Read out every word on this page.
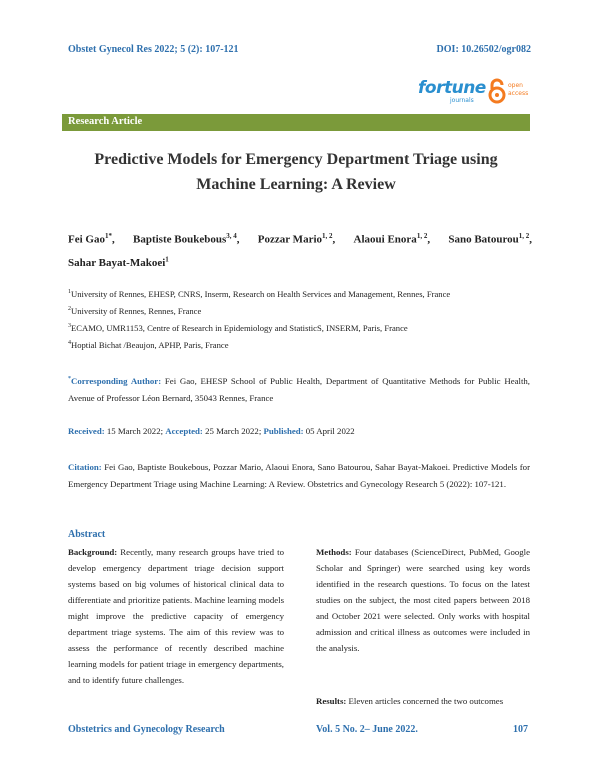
Obstet Gynecol Res 2022; 5 (2): 107-121	DOI: 10.26502/ogr082
fortune
journals
open access
Research Article
Predictive Models for Emergency Department Triage using
Machine Learning: A Review
Fei Gao$^{1*}$, Baptiste Boukebous$^{3, 4}$, Pozzar Mario$^{1, 2}$, Alaoui Enora$^{1, 2}$, Sano Batourou$^{1, 2}$,
Sahar Bayat-Makoei$^1$
$^1$University of Rennes, EHESP, CNRS, Inserm, Research on Health Services and Management, Rennes, France
$^2$University of Rennes, Rennes, France
$^3$ECAMO, UMR1153, Centre of Research in Epidemiology and StatisticS, INSERM, Paris, France
$^4$Hoptial Bichat /Beaujon, APHP, Paris, France
*Corresponding Author: Fei Gao, EHESP School of Public Health, Department of Quantitative Methods for Public Health, Avenue of Professor Léon Bernard, 35043 Rennes, France
Received: 15 March 2022; Accepted: 25 March 2022; Published: 05 April 2022
Citation: Fei Gao, Baptiste Boukebous, Pozzar Mario, Alaoui Enora, Sano Batourou, Sahar Bayat-Makoei. Predictive Models for Emergency Department Triage using Machine Learning: A Review. Obstetrics and Gynecology Research 5 (2022): 107-121.
Abstract
Background: Recently, many research groups have tried to develop emergency department triage decision support systems based on big volumes of historical clinical data to differentiate and prioritize patients. Machine learning models might improve the predictive capacity of emergency department triage systems. The aim of this review was to assess the performance of recently described machine learning models for patient triage in emergency departments, and to identify future challenges.
Methods: Four databases (ScienceDirect, PubMed, Google Scholar and Springer) were searched using key words identified in the research questions. To focus on the latest studies on the subject, the most cited papers between 2018 and October 2021 were selected. Only works with hospital admission and critical illness as outcomes were included in the analysis.
Results: Eleven articles concerned the two outcomes
Obstetrics and Gynecology Research	Vol. 5 No. 2– June 2022.	107
